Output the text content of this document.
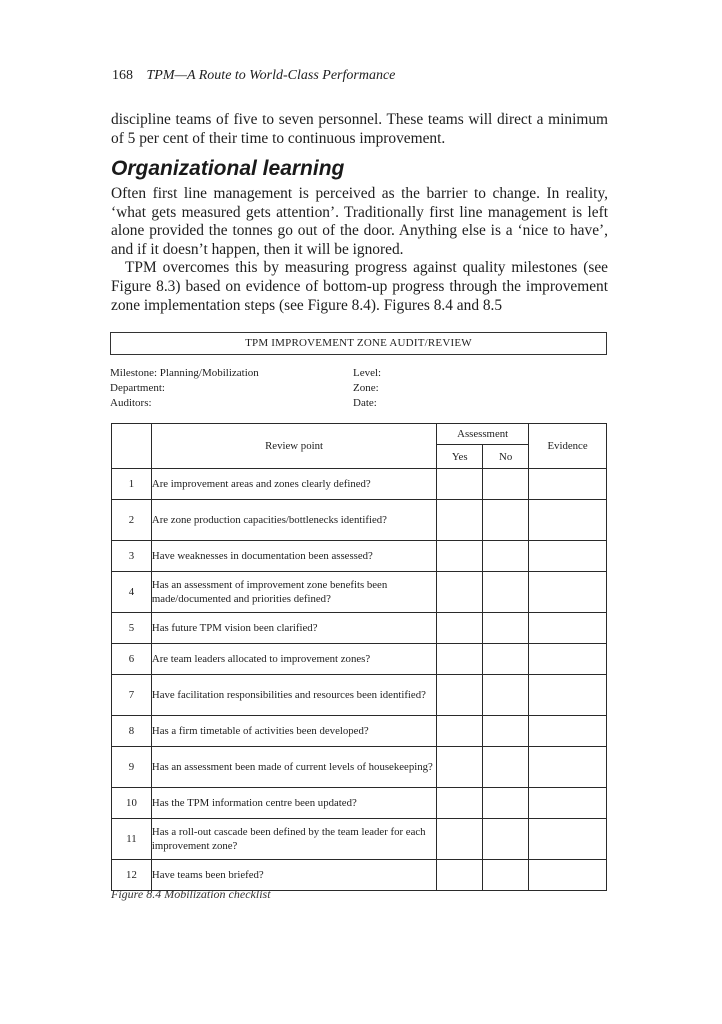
168 TPM—A Route to World-Class Performance

discipline teams of five to seven personnel. These teams will direct a minimum of 5 per cent of their time to continuous improvement.

Organizational learning

Often first line management is perceived as the barrier to change. In reality, ‘what gets measured gets attention’. Traditionally first line management is left alone provided the tonnes go out of the door. Anything else is a ‘nice to have’, and if it doesn’t happen, then it will be ignored.

TPM overcomes this by measuring progress against quality milestones (see Figure 8.3) based on evidence of bottom-up progress through the improvement zone implementation steps (see Figure 8.4). Figures 8.4 and 8.5

TPM IMPROVEMENT ZONE AUDIT/REVIEW
Milestone: Planning/Mobilization
Department:
Auditors:
Level:
Zone:
Date:
	Review point	Assessment		Evidence
		Yes	No	
1	Are improvement areas and zones clearly defined?			
2	Are zone production capacities/bottlenecks identified?			
3	Have weaknesses in documentation been assessed?			
4	Has an assessment of improvement zone benefits been made/documented and priorities defined?			
5	Has future TPM vision been clarified?			
6	Are team leaders allocated to improvement zones?			
7	Have facilitation responsibilities and resources been identified?			
8	Has a firm timetable of activities been developed?			
9	Has an assessment been made of current levels of housekeeping?			
10	Has the TPM information centre been updated?			
11	Has a roll-out cascade been defined by the team leader for each improvement zone?			
12	Have teams been briefed?			
Figure 8.4 Mobilization checklist
